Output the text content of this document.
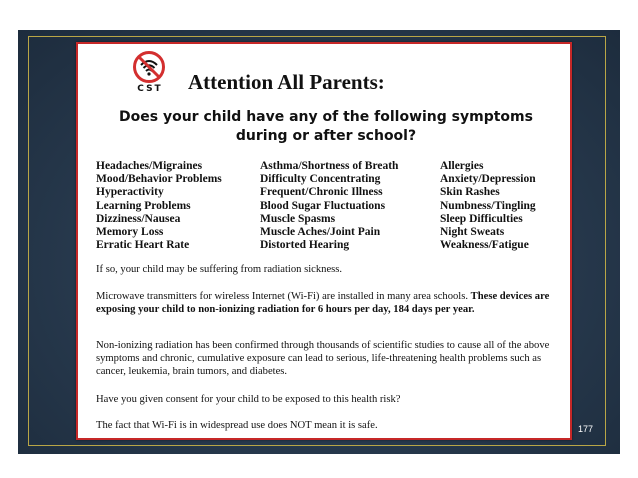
CST	Attention All Parents:
Does your child have any of the following symptoms during or after school?
Headaches/Migraines
Mood/Behavior Problems
Hyperactivity
Learning Problems
Dizziness/Nausea
Memory Loss
Erratic Heart Rate
Asthma/Shortness of Breath
Difficulty Concentrating
Frequent/Chronic Illness
Blood Sugar Fluctuations
Muscle Spasms
Muscle Aches/Joint Pain
Distorted Hearing
Allergies
Anxiety/Depression
Skin Rashes
Numbness/Tingling
Sleep Difficulties
Night Sweats
Weakness/Fatigue
If so, your child may be suffering from radiation sickness.
Microwave transmitters for wireless Internet (Wi-Fi) are installed in many area schools. These devices are exposing your child to non-ionizing radiation for 6 hours per day, 184 days per year.
Non-ionizing radiation has been confirmed through thousands of scientific studies to cause all of the above symptoms and chronic, cumulative exposure can lead to serious, life-threatening health problems such as cancer, leukemia, brain tumors, and diabetes.
Have you given consent for your child to be exposed to this health risk?
The fact that Wi-Fi is in widespread use does NOT mean it is safe.	177
